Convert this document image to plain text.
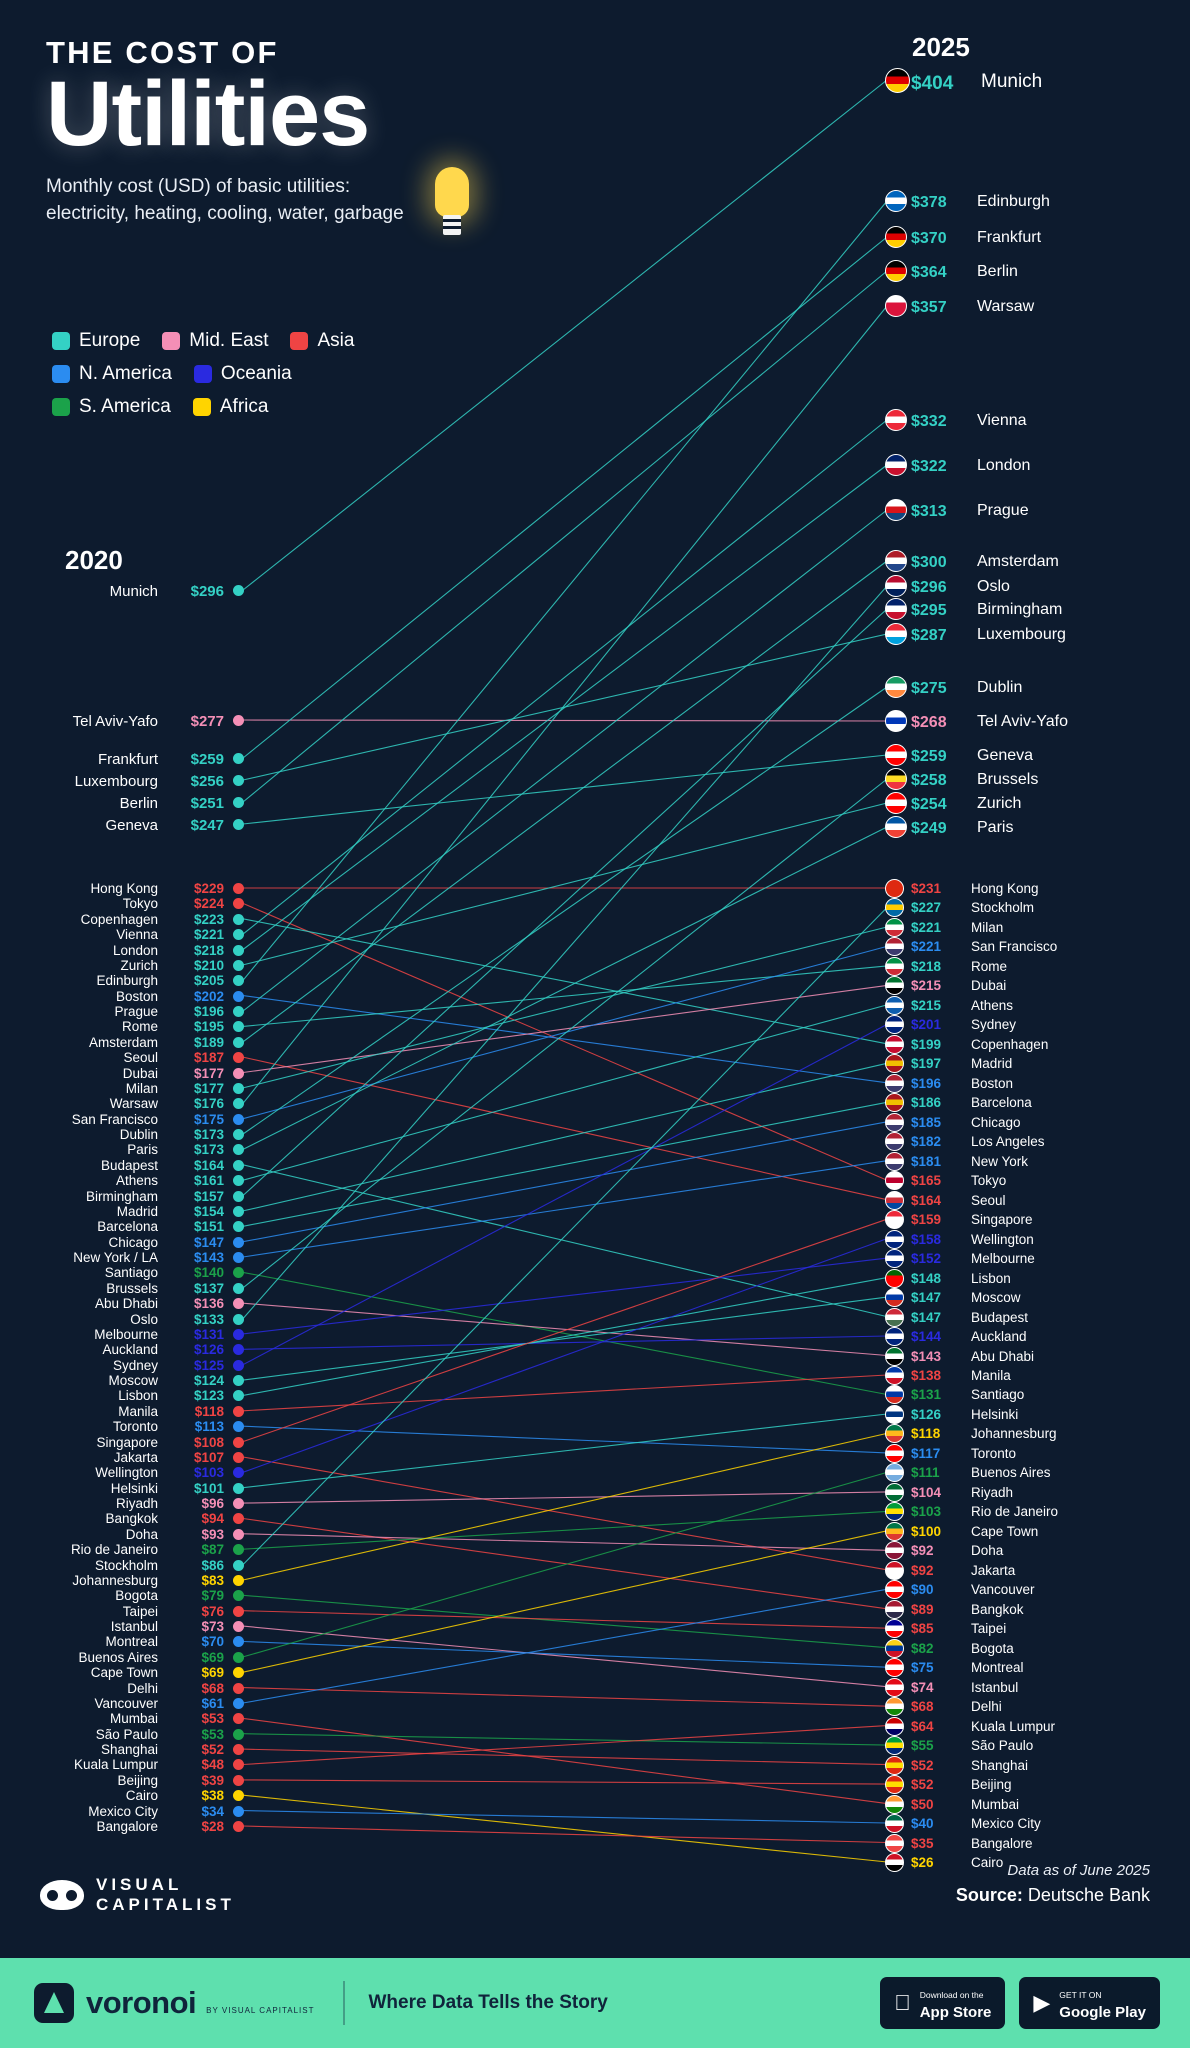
THE COST OF
Utilities
Monthly cost (USD) of basic utilities:
electricity, heating, cooling, water, garbage
Europe	Mid. East	Asia
N. America	Oceania
S. America	Africa
2020
2025
Munich $296
Tel Aviv-Yafo $277
Frankfurt $259
Luxembourg $256
Berlin $251
Geneva $247
Hong Kong	$229
Tokyo	$224
Copenhagen	$223
Vienna	$221
London	$218
Zurich	$210
Edinburgh	$205
Boston	$202
Prague	$196
Rome	$195
Amsterdam	$189
Seoul	$187
Dubai	$177
Milan	$177
Warsaw	$176
San Francisco	$175
Dublin	$173
Paris	$173
Budapest	$164
Athens	$161
Birmingham	$157
Madrid	$154
Barcelona	$151
Chicago	$147
New York / LA	$143
Santiago	$140
Brussels	$137
Abu Dhabi	$136
Oslo	$133
Melbourne	$131
Auckland	$126
Sydney	$125
Moscow	$124
Lisbon	$123
Manila	$118
Toronto	$113
Singapore	$108
Jakarta	$107
Wellington	$103
Helsinki	$101
Riyadh	$96
Bangkok	$94
Doha	$93
Rio de Janeiro	$87
Stockholm	$86
Johannesburg	$83
Bogota	$79
Taipei	$76
Istanbul	$73
Montreal	$70
Buenos Aires	$69
Cape Town	$69
Delhi	$68
Vancouver	$61
Mumbai	$53
São Paulo	$53
Shanghai	$52
Kuala Lumpur	$48
Beijing	$39
Cairo	$38
Mexico City	$34
Bangalore	$28
$404 Munich
$378 Edinburgh
$370 Frankfurt
$364 Berlin
$357 Warsaw
$332 Vienna
$322 London
$313 Prague
$300 Amsterdam
$296 Oslo
$295 Birmingham
$287 Luxembourg
$275 Dublin
$268 Tel Aviv-Yafo
$259 Geneva
$258 Brussels
$254 Zurich
$249 Paris
$231 Hong Kong
$227 Stockholm
$221 Milan
$221 San Francisco
$218 Rome
$215 Dubai
$215 Athens
$201 Sydney
$199 Copenhagen
$197 Madrid
$196 Boston
$186 Barcelona
$185 Chicago
$182 Los Angeles
$181 New York
$165 Tokyo
$164 Seoul
$159 Singapore
$158 Wellington
$152 Melbourne
$148 Lisbon
$147 Moscow
$147 Budapest
$144 Auckland
$143 Abu Dhabi
$138 Manila
$131 Santiago
$126 Helsinki
$118 Johannesburg
$117 Toronto
$111 Buenos Aires
$104 Riyadh
$103 Rio de Janeiro
$100 Cape Town
$92	Doha
$92	Jakarta
$90	Vancouver
$89	Bangkok
$85	Taipei
$82	Bogota
$75	Montreal
$74	Istanbul
$68	Delhi
$64	Kuala Lumpur
$55	São Paulo
$52	Shanghai
$52	Beijing
$50	Mumbai
$40	Mexico City
$35	Bangalore
$26	Cairo Data as of June 2025
Source: Deutsche Bank
VISUAL
CAPITALIST
voronoi BY VISUAL CAPITALIST	Where Data Tells the Story	Download on the
App Store ▶ GET IT ON
Google Play
